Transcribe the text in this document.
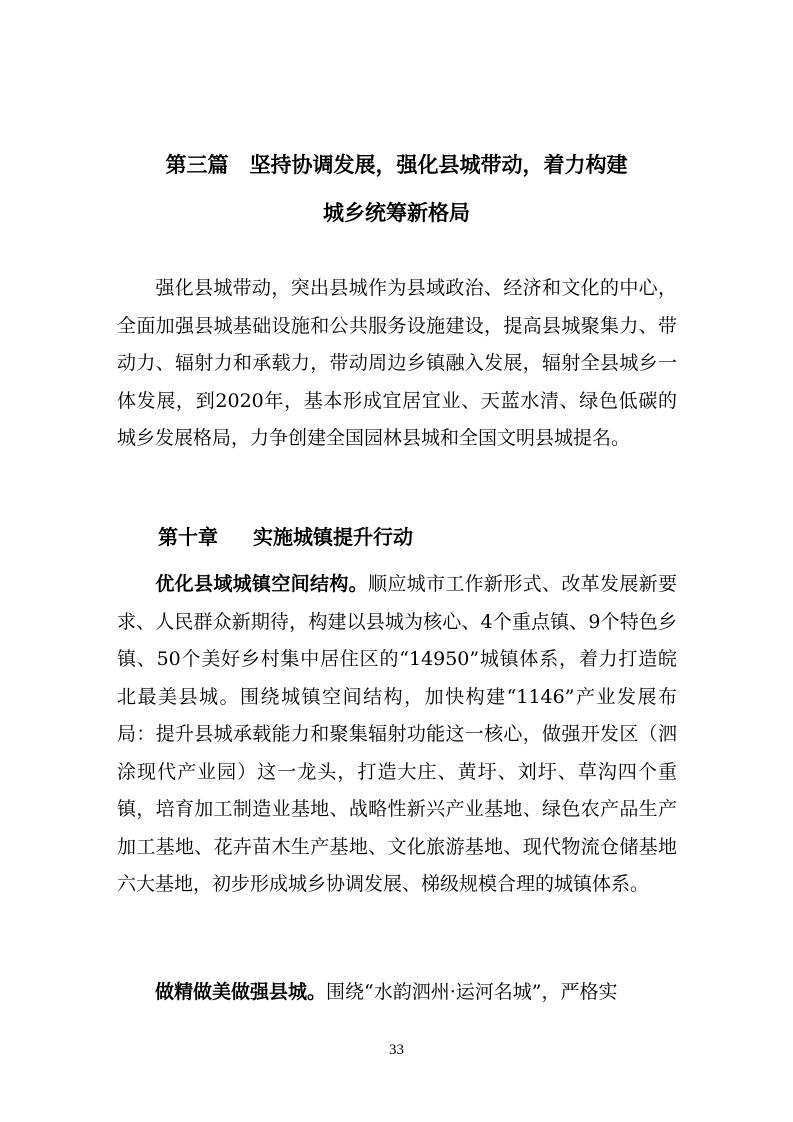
第三篇　坚持协调发展，强化县城带动，着力构建
城乡统筹新格局
强化县城带动，突出县城作为县域政治、经济和文化的中心，全面加强县城基础设施和公共服务设施建设，提高县城聚集力、带动力、辐射力和承载力，带动周边乡镇融入发展，辐射全县城乡一体发展，到2020年，基本形成宜居宜业、天蓝水清、绿色低碳的城乡发展格局，力争创建全国园林县城和全国文明县城提名。
第十章 实施城镇提升行动
优化县域城镇空间结构。顺应城市工作新形式、改革发展新要求、人民群众新期待，构建以县城为核心、4个重点镇、9个特色乡镇、50个美好乡村集中居住区的“14950”城镇体系，着力打造皖北最美县城。围绕城镇空间结构，加快构建“1146”产业发展布局：提升县城承载能力和聚集辐射功能这一核心，做强开发区（泗涂现代产业园）这一龙头，打造大庄、黄圩、刘圩、草沟四个重镇，培育加工制造业基地、战略性新兴产业基地、绿色农产品生产加工基地、花卉苗木生产基地、文化旅游基地、现代物流仓储基地六大基地，初步形成城乡协调发展、梯级规模合理的城镇体系。
做精做美做强县城。围绕“水韵泗州·运河名城”，严格实
33
